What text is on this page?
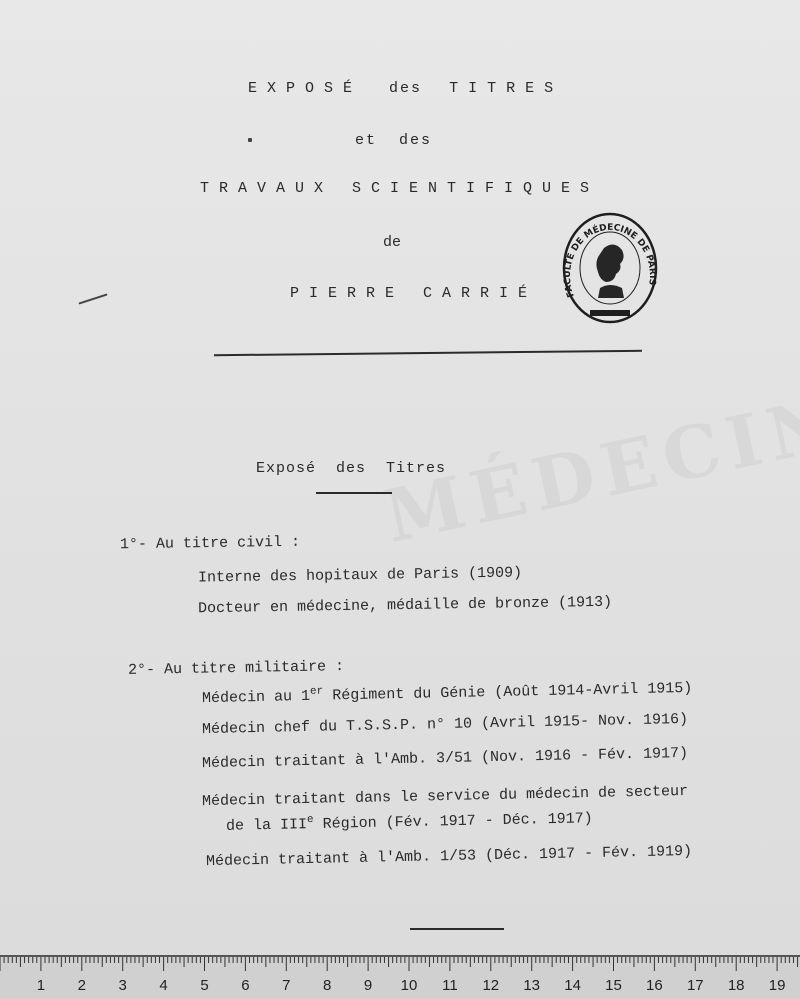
EXPOSÉ des TITRES
et  des
TRAVAUX SCIENTIFIQUES
de
PIERRE CARRIÉ	FACULTÉ DE MÉDECINE DE PARIS
Exposé  des  Titres
1°- Au titre civil :
Interne des hopitaux de Paris (1909)
Docteur en médecine, médaille de bronze (1913)
2°- Au titre militaire :
Médecin au 1er Régiment du Génie (Août 1914-Avril 1915)
Médecin chef du T.S.S.P. n° 10 (Avril 1915- Nov. 1916)
Médecin traitant à l'Amb. 3/51 (Nov. 1916 - Fév. 1917)
Médecin traitant dans le service du médecin de secteur
de la IIIe Région (Fév. 1917 - Déc. 1917)
Médecin traitant à l'Amb. 1/53 (Déc. 1917 - Fév. 1919)
1 2 3 4 5 6 7 8 9 10 11 12 13 14 15 16 17 18 19
